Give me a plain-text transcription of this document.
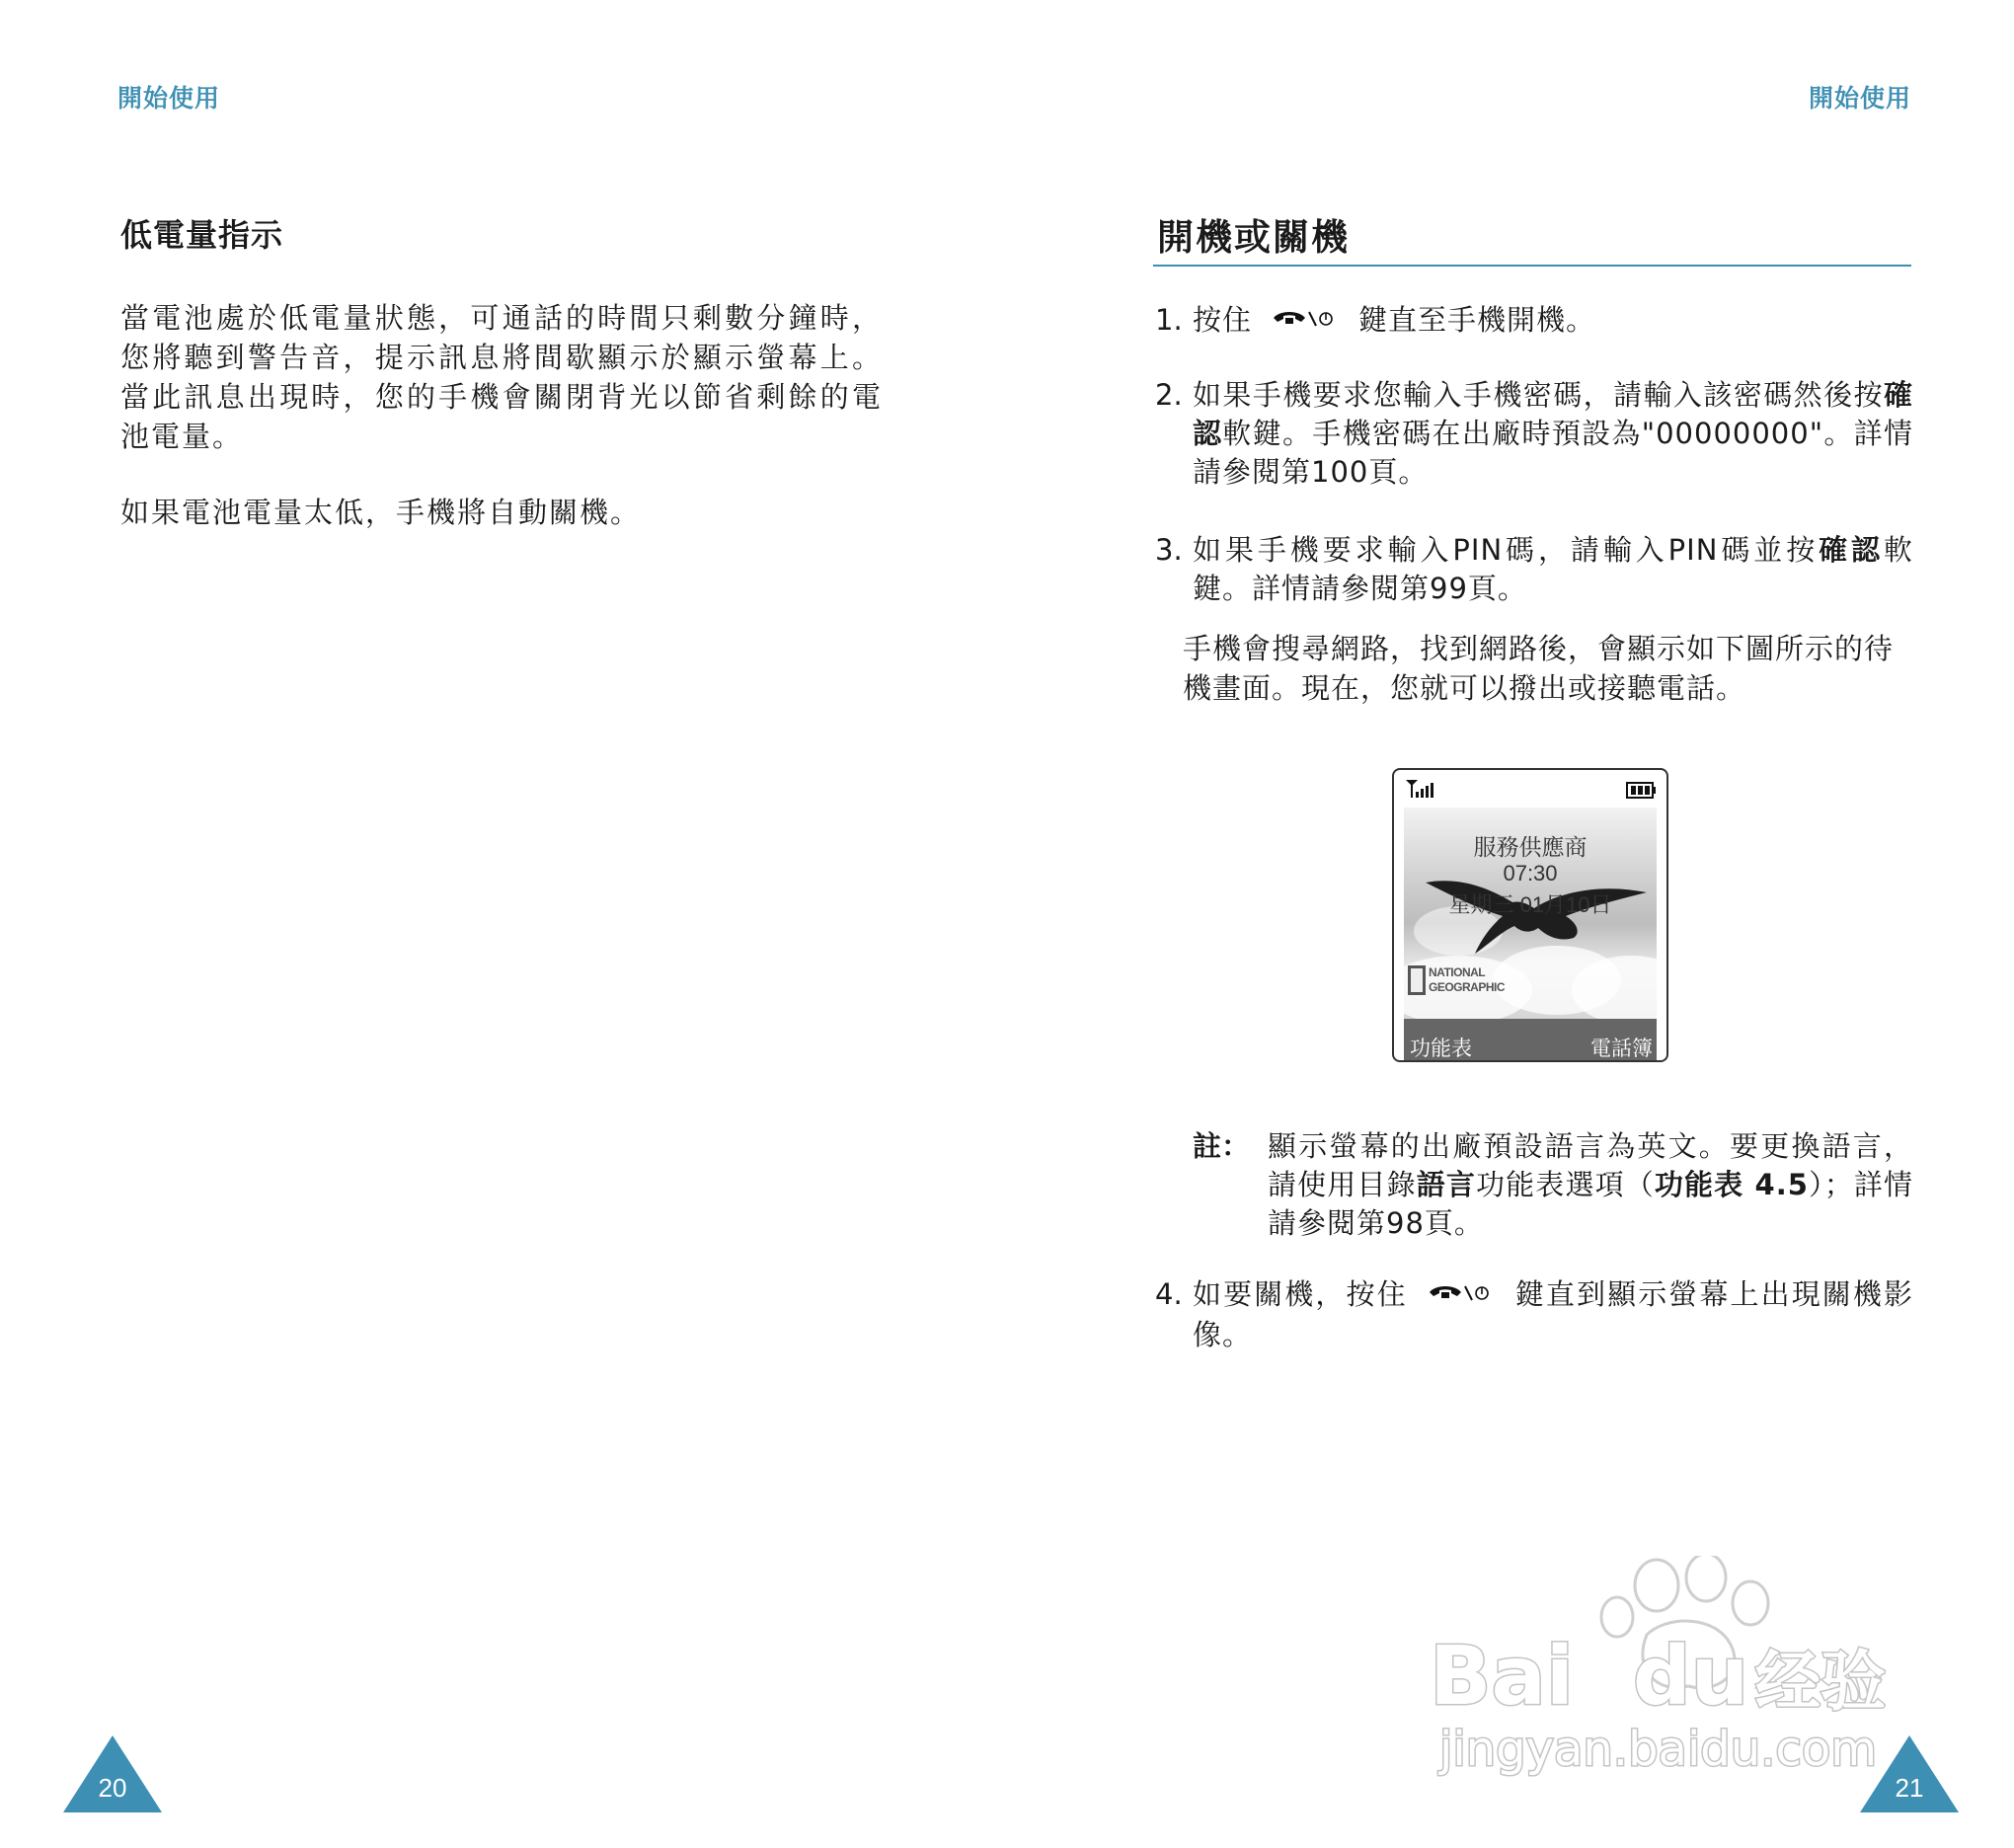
開始使用	開始使用
低電量指示
當電池處於低電量狀態，可通話的時間只剩數分鐘時，您將聽到警告音，提示訊息將間歇顯示於顯示螢幕上。當此訊息出現時，您的手機會關閉背光以節省剩餘的電池電量。
如果電池電量太低，手機將自動關機。
20
開機或關機
1. 按住	鍵直至手機開機。
2. 如果手機要求您輸入手機密碼，請輸入該密碼然後按確認軟鍵。手機密碼在出廠時預設為"00000000"。詳情請參閱第100頁。
3. 如果手機要求輸入PIN碼，請輸入PIN碼並按確認軟鍵。詳情請參閱第99頁。
手機會搜尋網路，找到網路後，會顯示如下圖所示的待機畫面。現在，您就可以撥出或接聽電話。
服務供應商
07:30
星期三 01月10日
NATIONAL
GEOGRAPHIC
功能表	電話簿
註： 顯示螢幕的出廠預設語言為英文。要更換語言，請使用目錄語言功能表選項（功能表 4.5）；詳情請參閱第98頁。
4. 如要關機，按住	鍵直到顯示螢幕上出現關機影像。
21
Bai du 经验
jingyan.baidu.com
